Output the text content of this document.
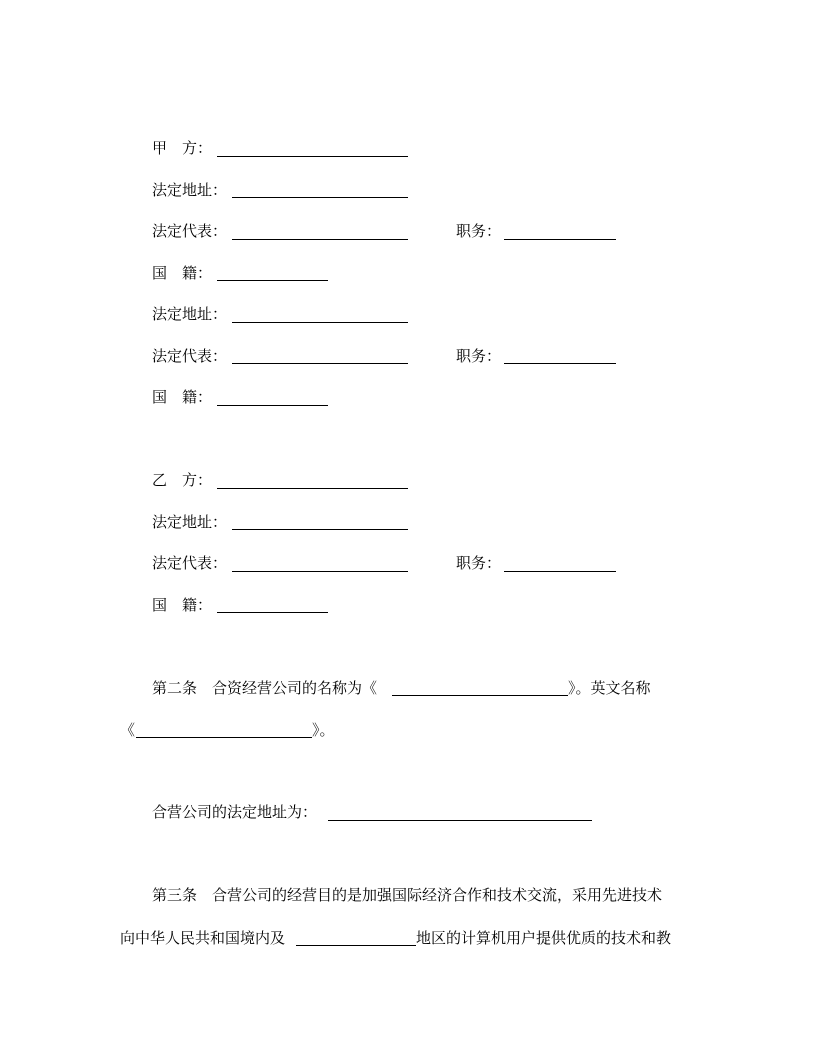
甲　方：
法定地址：
法定代表：	职务：
国　籍：
法定地址：
法定代表：	职务：
国　籍：
乙　方：
法定地址：
法定代表：	职务：
国　籍：
第二条　合资经营公司的名称为《	》。英文名称
《	》。
合营公司的法定地址为：
第三条　合营公司的经营目的是加强国际经济合作和技术交流，采用先进技术
向中华人民共和国境内及	地区的计算机用户提供优质的技术和教
